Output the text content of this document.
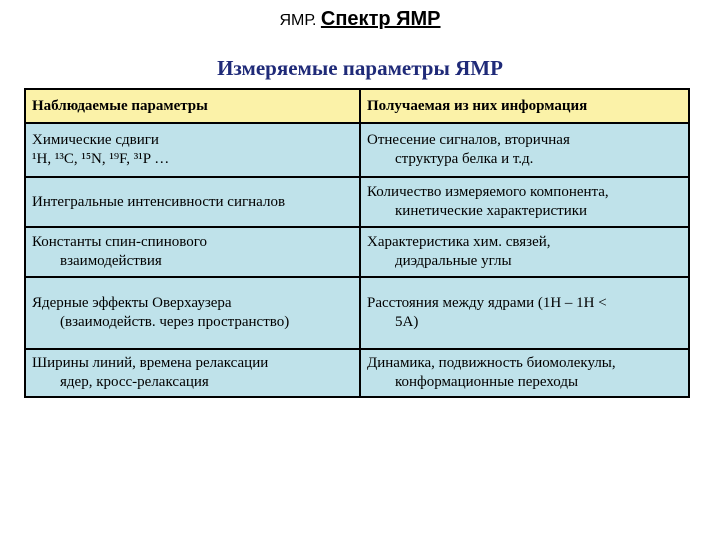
ЯМР. Спектр ЯМР
Измеряемые параметры ЯМР
Наблюдаемые параметры	Получаемая из них информация
Химические сдвиги
¹H, ¹³C, ¹⁵N, ¹⁹F, ³¹P …
Отнесение сигналов, вторичная
структура белка и т.д.
Интегральные интенсивности сигналов
Количество измеряемого компонента,
кинетические характеристики
Константы спин-спинового
взаимодействия
Характеристика хим. связей,
диэдральные углы
Ядерные эффекты Оверхаузера
(взаимодейств. через пространство)
Расстояния между ядрами (1H – 1H <
5A)
Ширины линий, времена релаксации
ядер, кросс-релаксация
Динамика, подвижность биомолекулы,
конформационные переходы
